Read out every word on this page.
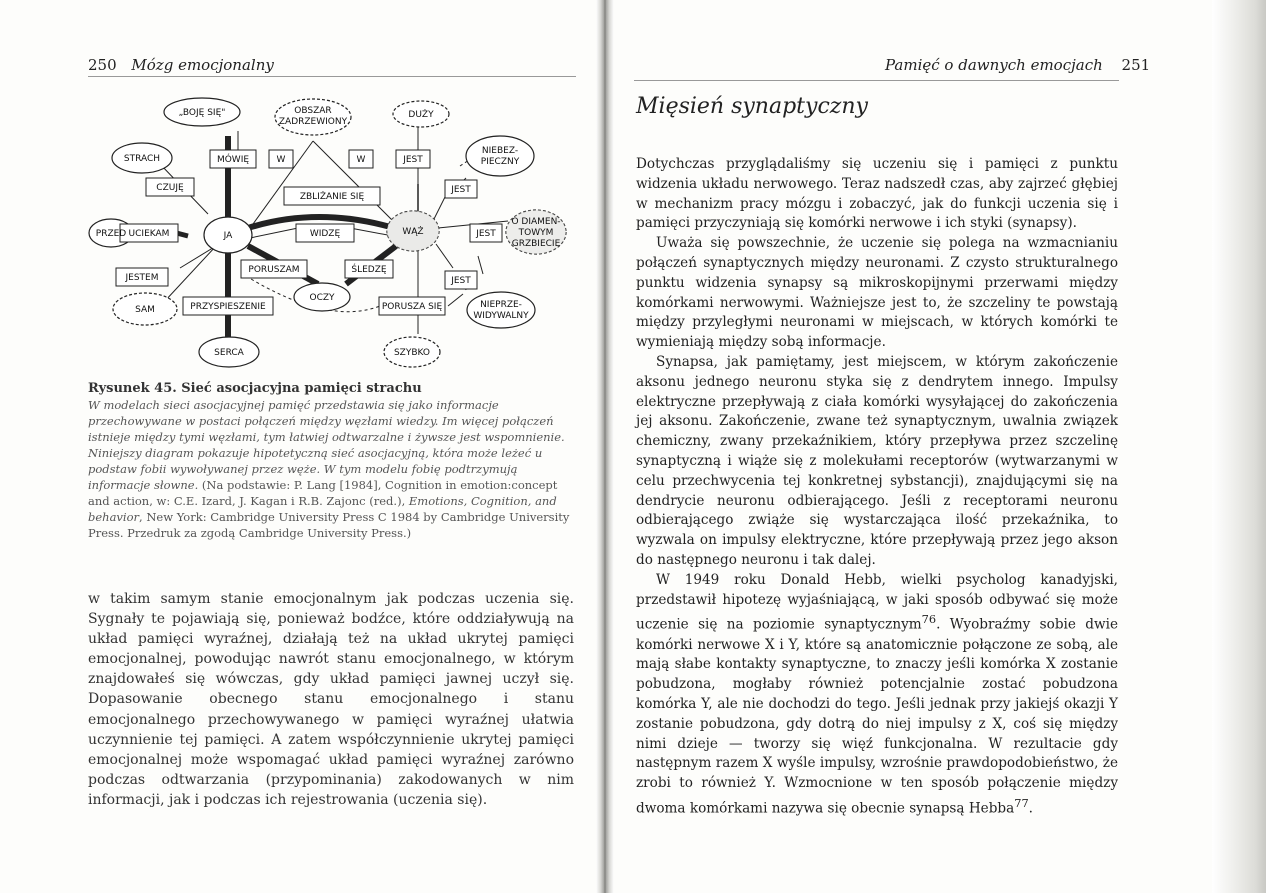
250 Mózg emocjonalny
„BOJĘ SIĘ"	OBSZAR
ZADRZEWIONY
DUŻY
STRACH
NIEBEZ-
PIECZNY
PRZED	JA	WĄŻ
O DIAMEN-
TOWYM
GRZBIECIE
OCZY
SAM	NIEPRZE-
WIDYWALNY
SERCA	SZYBKO
MÓWIĘ	W	W	JEST
CZUJĘ	JEST
ZBLIŻANIE SIĘ
UCIEKAM	WIDZĘ	JEST
PORUSZAM	ŚLEDZĘ
JEST
JESTEM
PRZYSPIESZENIE	PORUSZA SIĘ
Rysunek 45. Sieć asocjacyjna pamięci strachu
W modelach sieci asocjacyjnej pamięć przedstawia się jako informacje przechowywane w postaci połączeń między węzłami wiedzy. Im więcej połączeń istnieje między tymi węzłami, tym łatwiej odtwarzalne i żywsze jest wspomnienie. Niniejszy diagram pokazuje hipotetyczną sieć asocjacyjną, która może leżeć u podstaw fobii wywoływanej przez węże. W tym modelu fobię podtrzymują informacje słowne. (Na podstawie: P. Lang [1984], Cognition in emotion:concept and action, w: C.E. Izard, J. Kagan i R.B. Zajonc (red.), Emotions, Cognition, and behavior, New York: Cambridge University Press C 1984 by Cambridge University Press. Przedruk za zgodą Cambridge University Press.)
w takim samym stanie emocjonalnym jak podczas uczenia się. Sygnały te pojawiają się, ponieważ bodźce, które oddziaływują na układ pamięci wyraźnej, działają też na układ ukrytej pamięci emocjonalnej, powodując nawrót stanu emocjonalnego, w którym znajdowałeś się wówczas, gdy układ pamięci jawnej uczył się. Dopasowanie obecnego stanu emocjonalnego i stanu emocjonalnego przechowywanego w pamięci wyraźnej ułatwia uczynnienie tej pamięci. A zatem współczynnienie ukrytej pamięci emocjonalnej może wspomagać układ pamięci wyraźnej zarówno podczas odtwarzania (przypominania) zakodowanych w nim informacji, jak i podczas ich rejestrowania (uczenia się).
Pamięć o dawnych emocjach 251
Mięsień synaptyczny

Dotychczas przyglądaliśmy się uczeniu się i pamięci z punktu widzenia układu nerwowego. Teraz nadszedł czas, aby zajrzeć głębiej w mechanizm pracy mózgu i zobaczyć, jak do funkcji uczenia się i pamięci przyczyniają się komórki nerwowe i ich styki (synapsy).

Uważa się powszechnie, że uczenie się polega na wzmacnianiu połączeń synaptycznych między neuronami. Z czysto strukturalnego punktu widzenia synapsy są mikroskopijnymi przerwami między komórkami nerwowymi. Ważniejsze jest to, że szczeliny te powstają między przyległymi neuronami w miejscach, w których komórki te wymieniają między sobą informacje.

Synapsa, jak pamiętamy, jest miejscem, w którym zakończenie aksonu jednego neuronu styka się z dendrytem innego. Impulsy elektryczne przepływają z ciała komórki wysyłającej do zakończenia jej aksonu. Zakończenie, zwane też synaptycznym, uwalnia związek chemiczny, zwany przekaźnikiem, który przepływa przez szczelinę synaptyczną i wiąże się z molekułami receptorów (wytwarzanymi w celu przechwycenia tej konkretnej sybstancji), znajdującymi się na dendrycie neuronu odbierającego. Jeśli z receptorami neuronu odbierającego zwiąże się wystarczająca ilość przekaźnika, to wyzwala on impulsy elektryczne, które przepływają przez jego akson do następnego neuronu i tak dalej.

W 1949 roku Donald Hebb, wielki psycholog kanadyjski, przedstawił hipotezę wyjaśniającą, w jaki sposób odbywać się może uczenie się na poziomie synaptycznym$^{76}$. Wyobraźmy sobie dwie komórki nerwowe X i Y, które są anatomicznie połączone ze sobą, ale mają słabe kontakty synaptyczne, to znaczy jeśli komórka X zostanie pobudzona, mogłaby również potencjalnie zostać pobudzona komórka Y, ale nie dochodzi do tego. Jeśli jednak przy jakiejś okazji Y zostanie pobudzona, gdy dotrą do niej impulsy z X, coś się między nimi dzieje — tworzy się więź funkcjonalna. W rezultacie gdy następnym razem X wyśle impulsy, wzrośnie prawdopodobieństwo, że zrobi to również Y. Wzmocnione w ten sposób połączenie między dwoma komórkami nazywa się obecnie synapsą Hebba$^{77}$.
